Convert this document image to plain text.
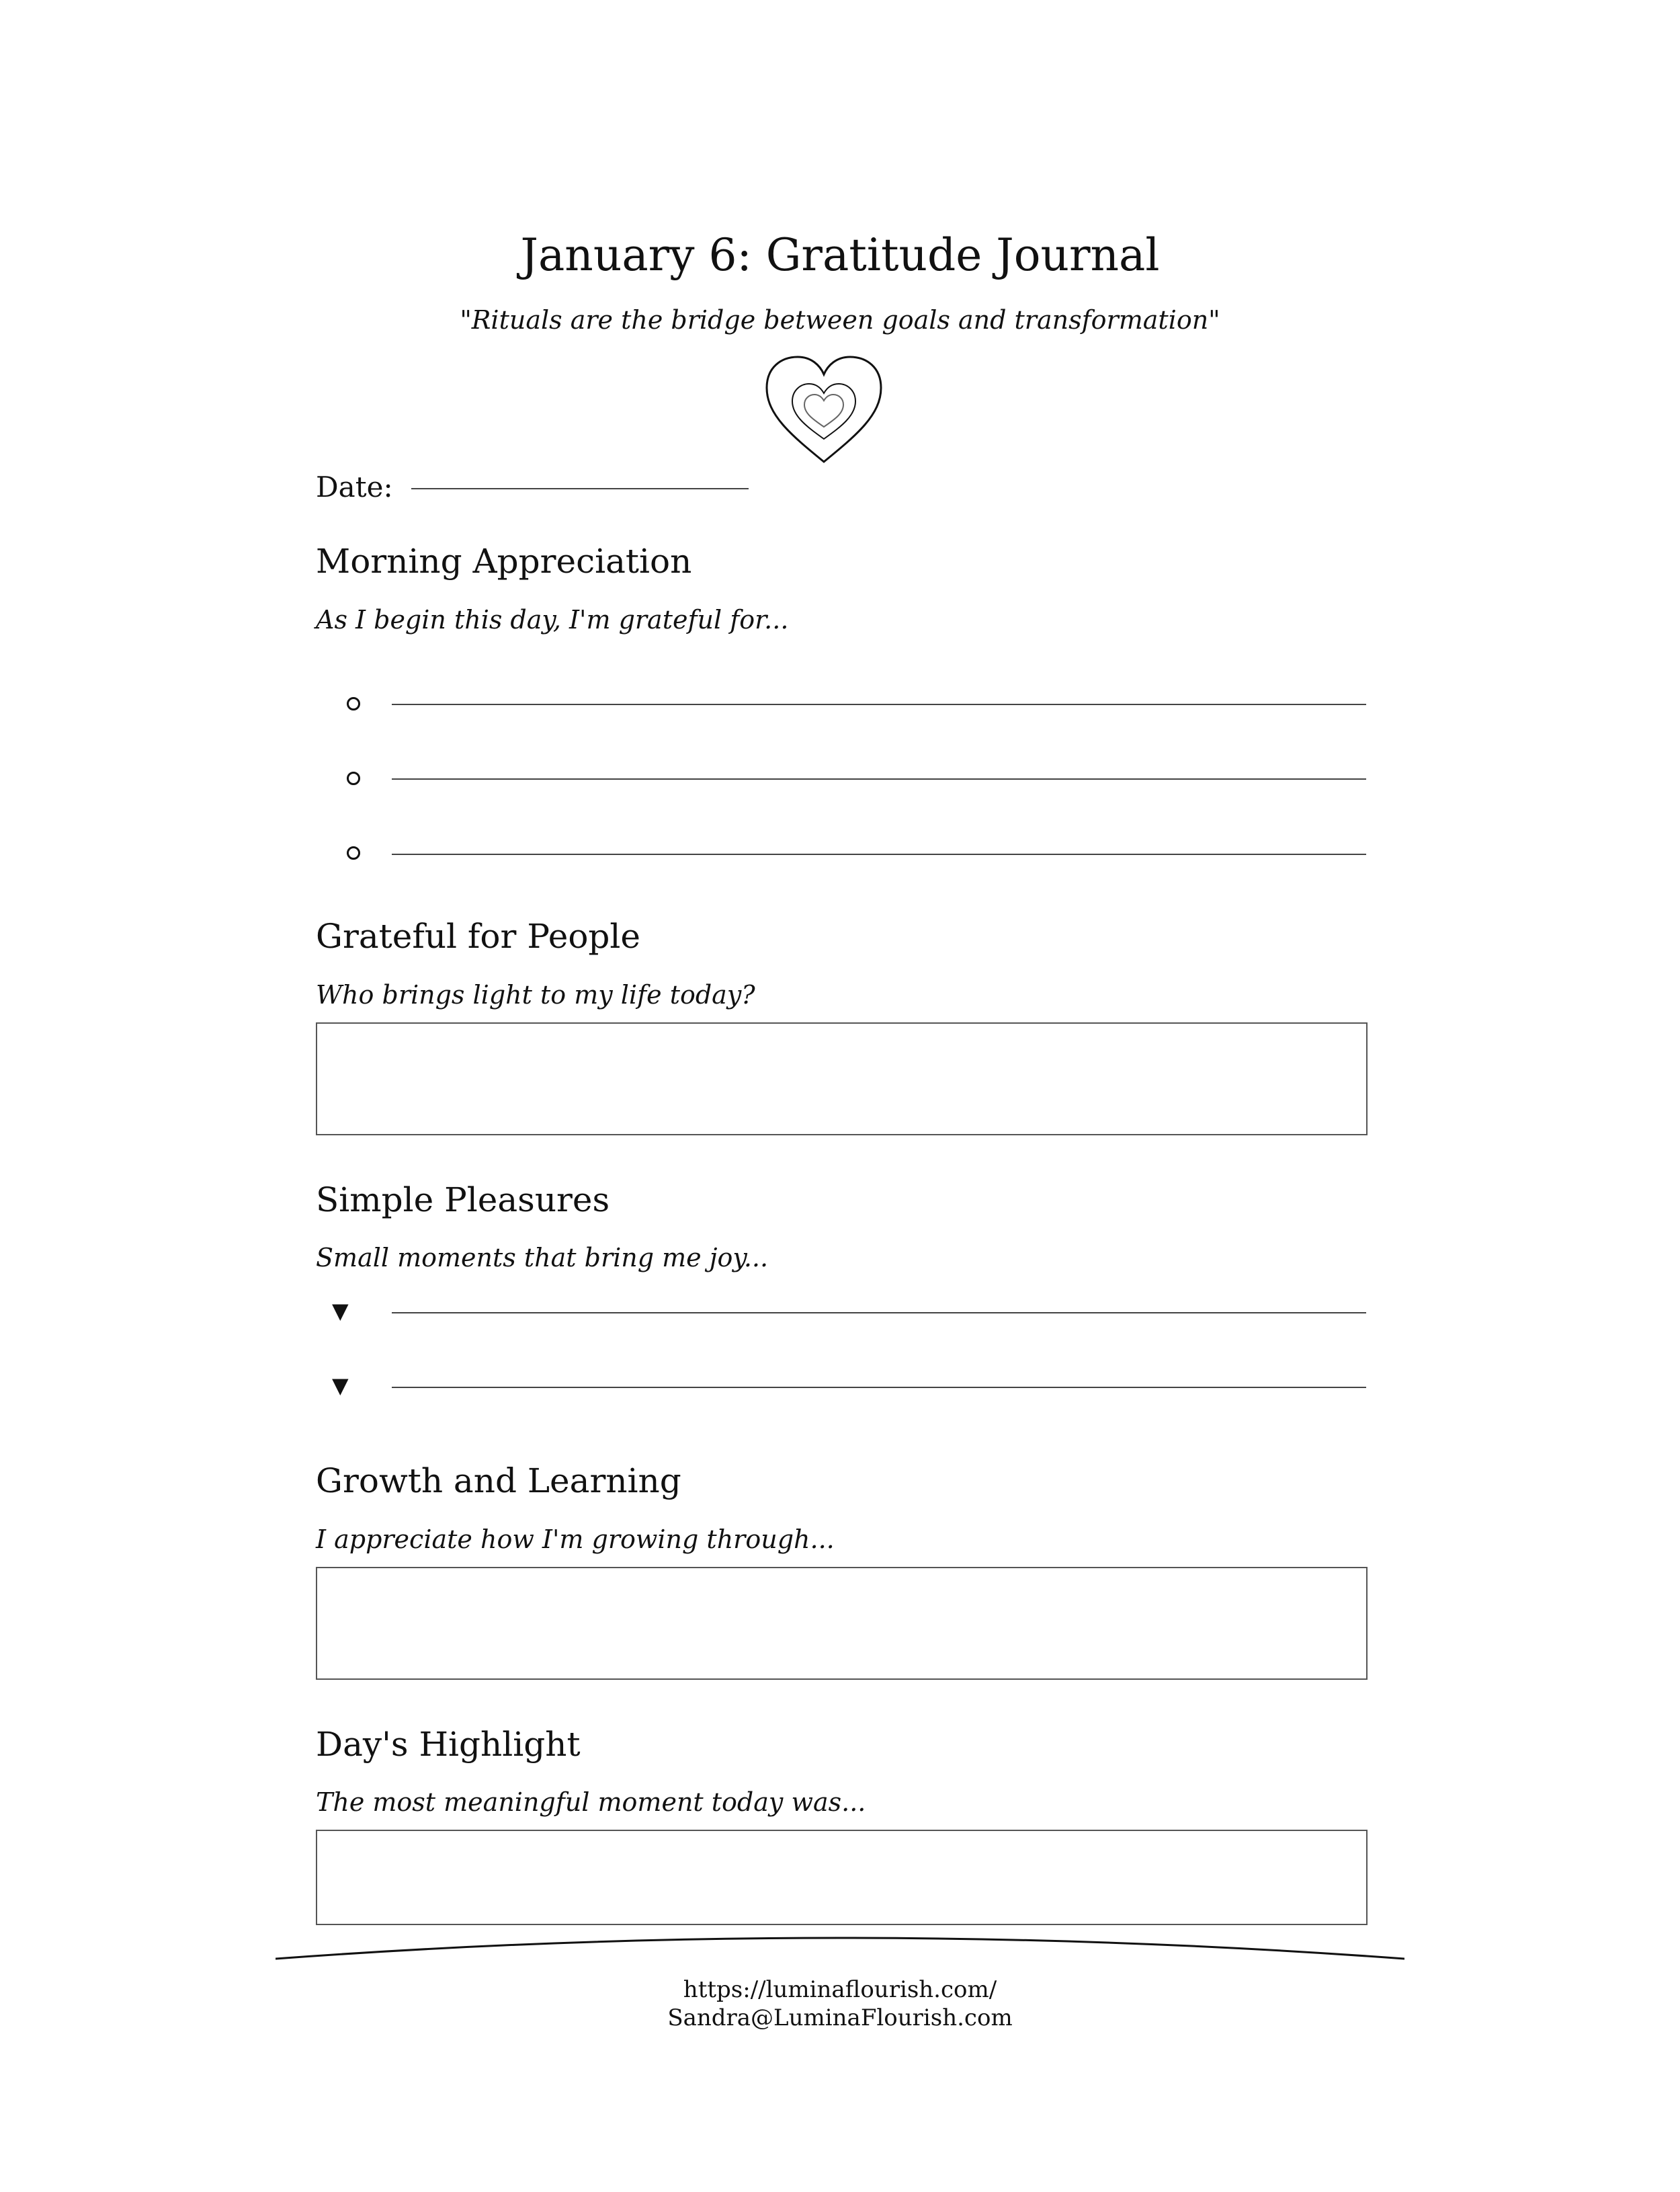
January 6: Gratitude Journal
"Rituals are the bridge between goals and transformation"
Date:
Morning Appreciation
As I begin this day, I'm grateful for...
Grateful for People
Who brings light to my life today?
Simple Pleasures
Small moments that bring me joy...
▼
▼
Growth and Learning
I appreciate how I'm growing through...
Day's Highlight
The most meaningful moment today was...
https://luminaflourish.com/
Sandra@LuminaFlourish.com
